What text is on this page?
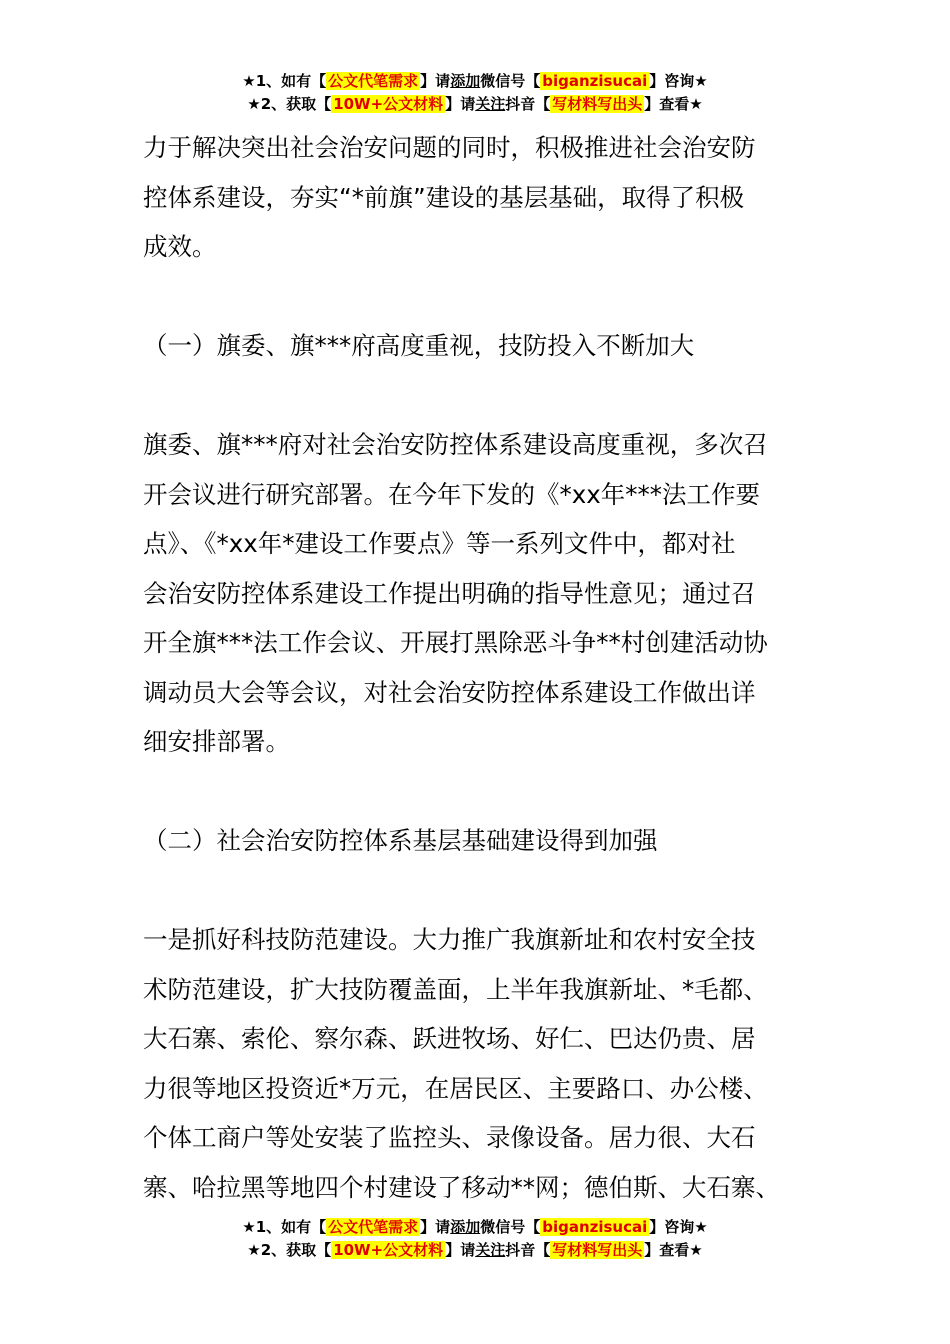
★1、如有【 公文代笔需求 】请添加微信号【 biganzisucai 】咨询★
★2、获取【 10W+公文材料 】请关注抖音【 写材料写出头 】查看★

力于解决突出社会治安问题的同时，积极推进社会治安防

控体系建设，夯实“*前旗”建设的基层基础，取得了积极

成效。

（一）旗委、旗***府高度重视，技防投入不断加大

旗委、旗***府对社会治安防控体系建设高度重视，多次召

开会议进行研究部署。在今年下发的《*xx年***法工作要

点》、《*xx年*建设工作要点》等一系列文件中，都对社

会治安防控体系建设工作提出明确的指导性意见；通过召

开全旗***法工作会议、开展打黑除恶斗争**村创建活动协

调动员大会等会议，对社会治安防控体系建设工作做出详

细安排部署。

（二）社会治安防控体系基层基础建设得到加强

一是抓好科技防范建设。大力推广我旗新址和农村安全技

术防范建设，扩大技防覆盖面，上半年我旗新址、*毛都、

大石寨、索伦、察尔森、跃进牧场、好仁、巴达仍贵、居

力很等地区投资近*万元，在居民区、主要路口、办公楼、

个体工商户等处安装了监控头、录像设备。居力很、大石

寨、哈拉黑等地四个村建设了移动**网；德伯斯、大石寨、

★1、如有【 公文代笔需求 】请添加微信号【 biganzisucai 】咨询★
★2、获取【 10W+公文材料 】请关注抖音【 写材料写出头 】查看★
